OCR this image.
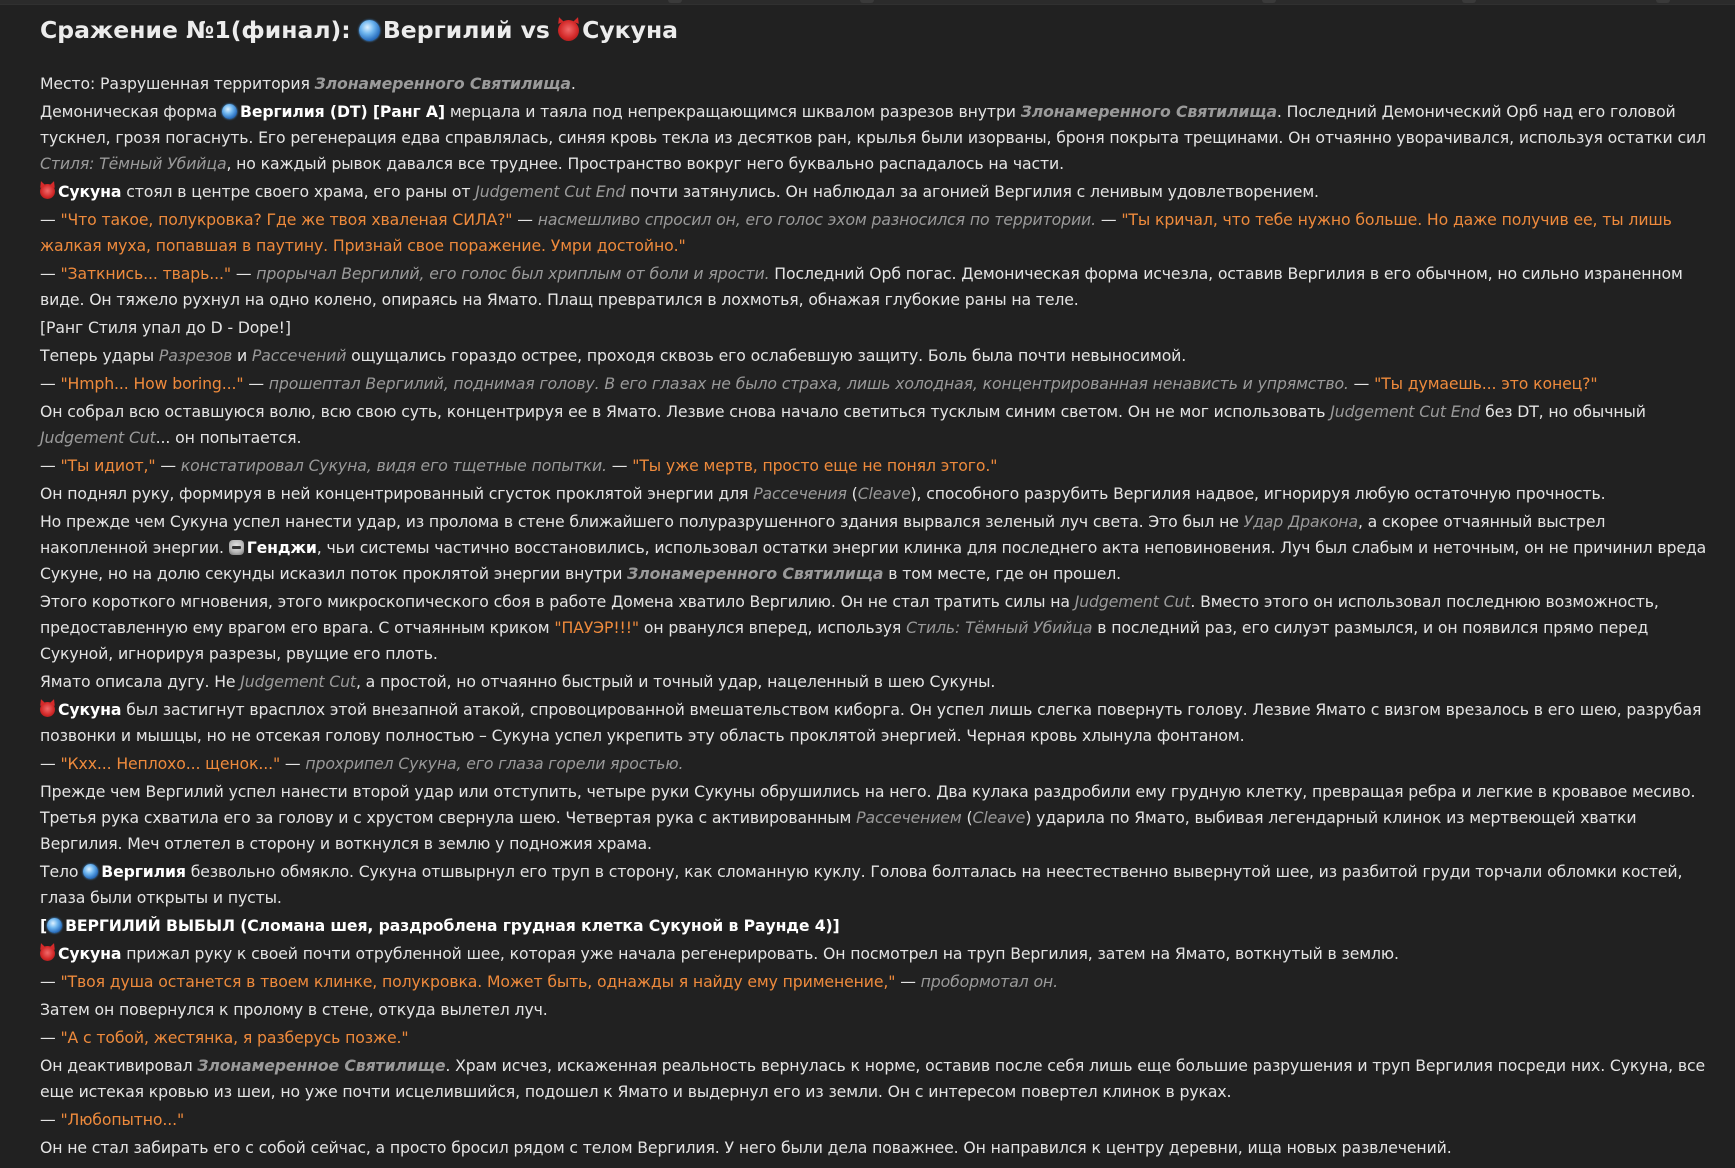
Сражение №1(финал): Вергилий vs Сукуна

Место: Разрушенная территория Злонамеренного Святилища.

Демоническая форма Вергилия (DT) [Ранг A] мерцала и таяла под непрекращающимся шквалом разрезов внутри Злонамеренного Святилища. Последний Демонический Орб над его головой тускнел, грозя погаснуть. Его регенерация едва справлялась, синяя кровь текла из десятков ран, крылья были изорваны, броня покрыта трещинами. Он отчаянно уворачивался, используя остатки сил Стиля: Тёмный Убийца, но каждый рывок давался все труднее. Пространство вокруг него буквально распадалось на части.

Сукуна стоял в центре своего храма, его раны от Judgement Cut End почти затянулись. Он наблюдал за агонией Вергилия с ленивым удовлетворением.

— "Что такое, полукровка? Где же твоя хваленая СИЛА?" — насмешливо спросил он, его голос эхом разносился по территории. — "Ты кричал, что тебе нужно больше. Но даже получив ее, ты лишь жалкая муха, попавшая в паутину. Признай свое поражение. Умри достойно."

— "Заткнись... тварь..." — прорычал Вергилий, его голос был хриплым от боли и ярости. Последний Орб погас. Демоническая форма исчезла, оставив Вергилия в его обычном, но сильно израненном виде. Он тяжело рухнул на одно колено, опираясь на Ямато. Плащ превратился в лохмотья, обнажая глубокие раны на теле.

[Ранг Стиля упал до D - Dope!]

Теперь удары Разрезов и Рассечений ощущались гораздо острее, проходя сквозь его ослабевшую защиту. Боль была почти невыносимой.

— "Hmph... How boring..." — прошептал Вергилий, поднимая голову. В его глазах не было страха, лишь холодная, концентрированная ненависть и упрямство. — "Ты думаешь... это конец?"

Он собрал всю оставшуюся волю, всю свою суть, концентрируя ее в Ямато. Лезвие снова начало светиться тусклым синим светом. Он не мог использовать Judgement Cut End без DT, но обычный Judgement Cut... он попытается.

— "Ты идиот," — констатировал Сукуна, видя его тщетные попытки. — "Ты уже мертв, просто еще не понял этого."

Он поднял руку, формируя в ней концентрированный сгусток проклятой энергии для Рассечения (Cleave), способного разрубить Вергилия надвое, игнорируя любую остаточную прочность.

Но прежде чем Сукуна успел нанести удар, из пролома в стене ближайшего полуразрушенного здания вырвался зеленый луч света. Это был не Удар Дракона, а скорее отчаянный выстрел накопленной энергии. Генджи, чьи системы частично восстановились, использовал остатки энергии клинка для последнего акта неповиновения. Луч был слабым и неточным, он не причинил вреда Сукуне, но на долю секунды исказил поток проклятой энергии внутри Злонамеренного Святилища в том месте, где он прошел.

Этого короткого мгновения, этого микроскопического сбоя в работе Домена хватило Вергилию. Он не стал тратить силы на Judgement Cut. Вместо этого он использовал последнюю возможность, предоставленную ему врагом его врага. С отчаянным криком "ПАУЭР!!!" он рванулся вперед, используя Стиль: Тёмный Убийца в последний раз, его силуэт размылся, и он появился прямо перед Сукуной, игнорируя разрезы, рвущие его плоть.

Ямато описала дугу. Не Judgement Cut, а простой, но отчаянно быстрый и точный удар, нацеленный в шею Сукуны.

Сукуна был застигнут врасплох этой внезапной атакой, спровоцированной вмешательством киборга. Он успел лишь слегка повернуть голову. Лезвие Ямато с визгом врезалось в его шею, разрубая позвонки и мышцы, но не отсекая голову полностью – Сукуна успел укрепить эту область проклятой энергией. Черная кровь хлынула фонтаном.

— "Кхх... Неплохо... щенок..." — прохрипел Сукуна, его глаза горели яростью.

Прежде чем Вергилий успел нанести второй удар или отступить, четыре руки Сукуны обрушились на него. Два кулака раздробили ему грудную клетку, превращая ребра и легкие в кровавое месиво. Третья рука схватила его за голову и с хрустом свернула шею. Четвертая рука с активированным Рассечением (Cleave) ударила по Ямато, выбивая легендарный клинок из мертвеющей хватки Вергилия. Меч отлетел в сторону и воткнулся в землю у подножия храма.

Тело Вергилия безвольно обмякло. Сукуна отшвырнул его труп в сторону, как сломанную куклу. Голова болталась на неестественно вывернутой шее, из разбитой груди торчали обломки костей, глаза были открыты и пусты.

[ ВЕРГИЛИЙ ВЫБЫЛ (Сломана шея, раздроблена грудная клетка Сукуной в Раунде 4)]

Сукуна прижал руку к своей почти отрубленной шее, которая уже начала регенерировать. Он посмотрел на труп Вергилия, затем на Ямато, воткнутый в землю.

— "Твоя душа останется в твоем клинке, полукровка. Может быть, однажды я найду ему применение," — пробормотал он.

Затем он повернулся к пролому в стене, откуда вылетел луч.

— "А с тобой, жестянка, я разберусь позже."

Он деактивировал Злонамеренное Святилище. Храм исчез, искаженная реальность вернулась к норме, оставив после себя лишь еще большие разрушения и труп Вергилия посреди них. Сукуна, все еще истекая кровью из шеи, но уже почти исцелившийся, подошел к Ямато и выдернул его из земли. Он с интересом повертел клинок в руках.

— "Любопытно..."

Он не стал забирать его с собой сейчас, а просто бросил рядом с телом Вергилия. У него были дела поважнее. Он направился к центру деревни, ища новых развлечений.
